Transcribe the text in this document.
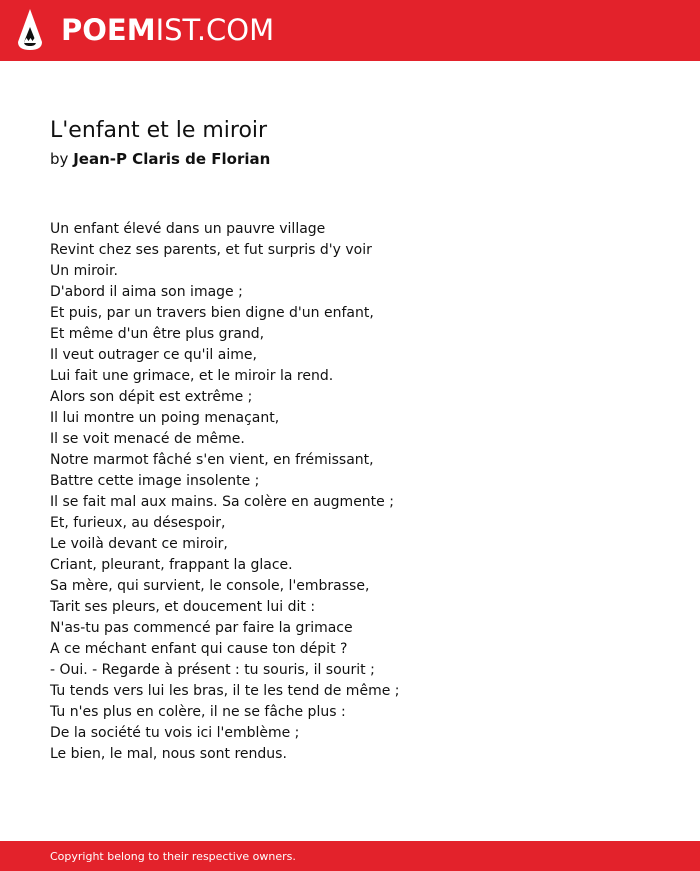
POEMIST.COM
L'enfant et le miroir
by Jean-P Claris de Florian
Un enfant élevé dans un pauvre village
Revint chez ses parents, et fut surpris d'y voir
Un miroir.
D'abord il aima son image ;
Et puis, par un travers bien digne d'un enfant,
Et même d'un être plus grand,
Il veut outrager ce qu'il aime,
Lui fait une grimace, et le miroir la rend.
Alors son dépit est extrême ;
Il lui montre un poing menaçant,
Il se voit menacé de même.
Notre marmot fâché s'en vient, en frémissant,
Battre cette image insolente ;
Il se fait mal aux mains. Sa colère en augmente ;
Et, furieux, au désespoir,
Le voilà devant ce miroir,
Criant, pleurant, frappant la glace.
Sa mère, qui survient, le console, l'embrasse,
Tarit ses pleurs, et doucement lui dit :
N'as-tu pas commencé par faire la grimace
A ce méchant enfant qui cause ton dépit ?
- Oui. - Regarde à présent : tu souris, il sourit ;
Tu tends vers lui les bras, il te les tend de même ;
Tu n'es plus en colère, il ne se fâche plus :
De la société tu vois ici l'emblème ;
Le bien, le mal, nous sont rendus.
Copyright belong to their respective owners.
